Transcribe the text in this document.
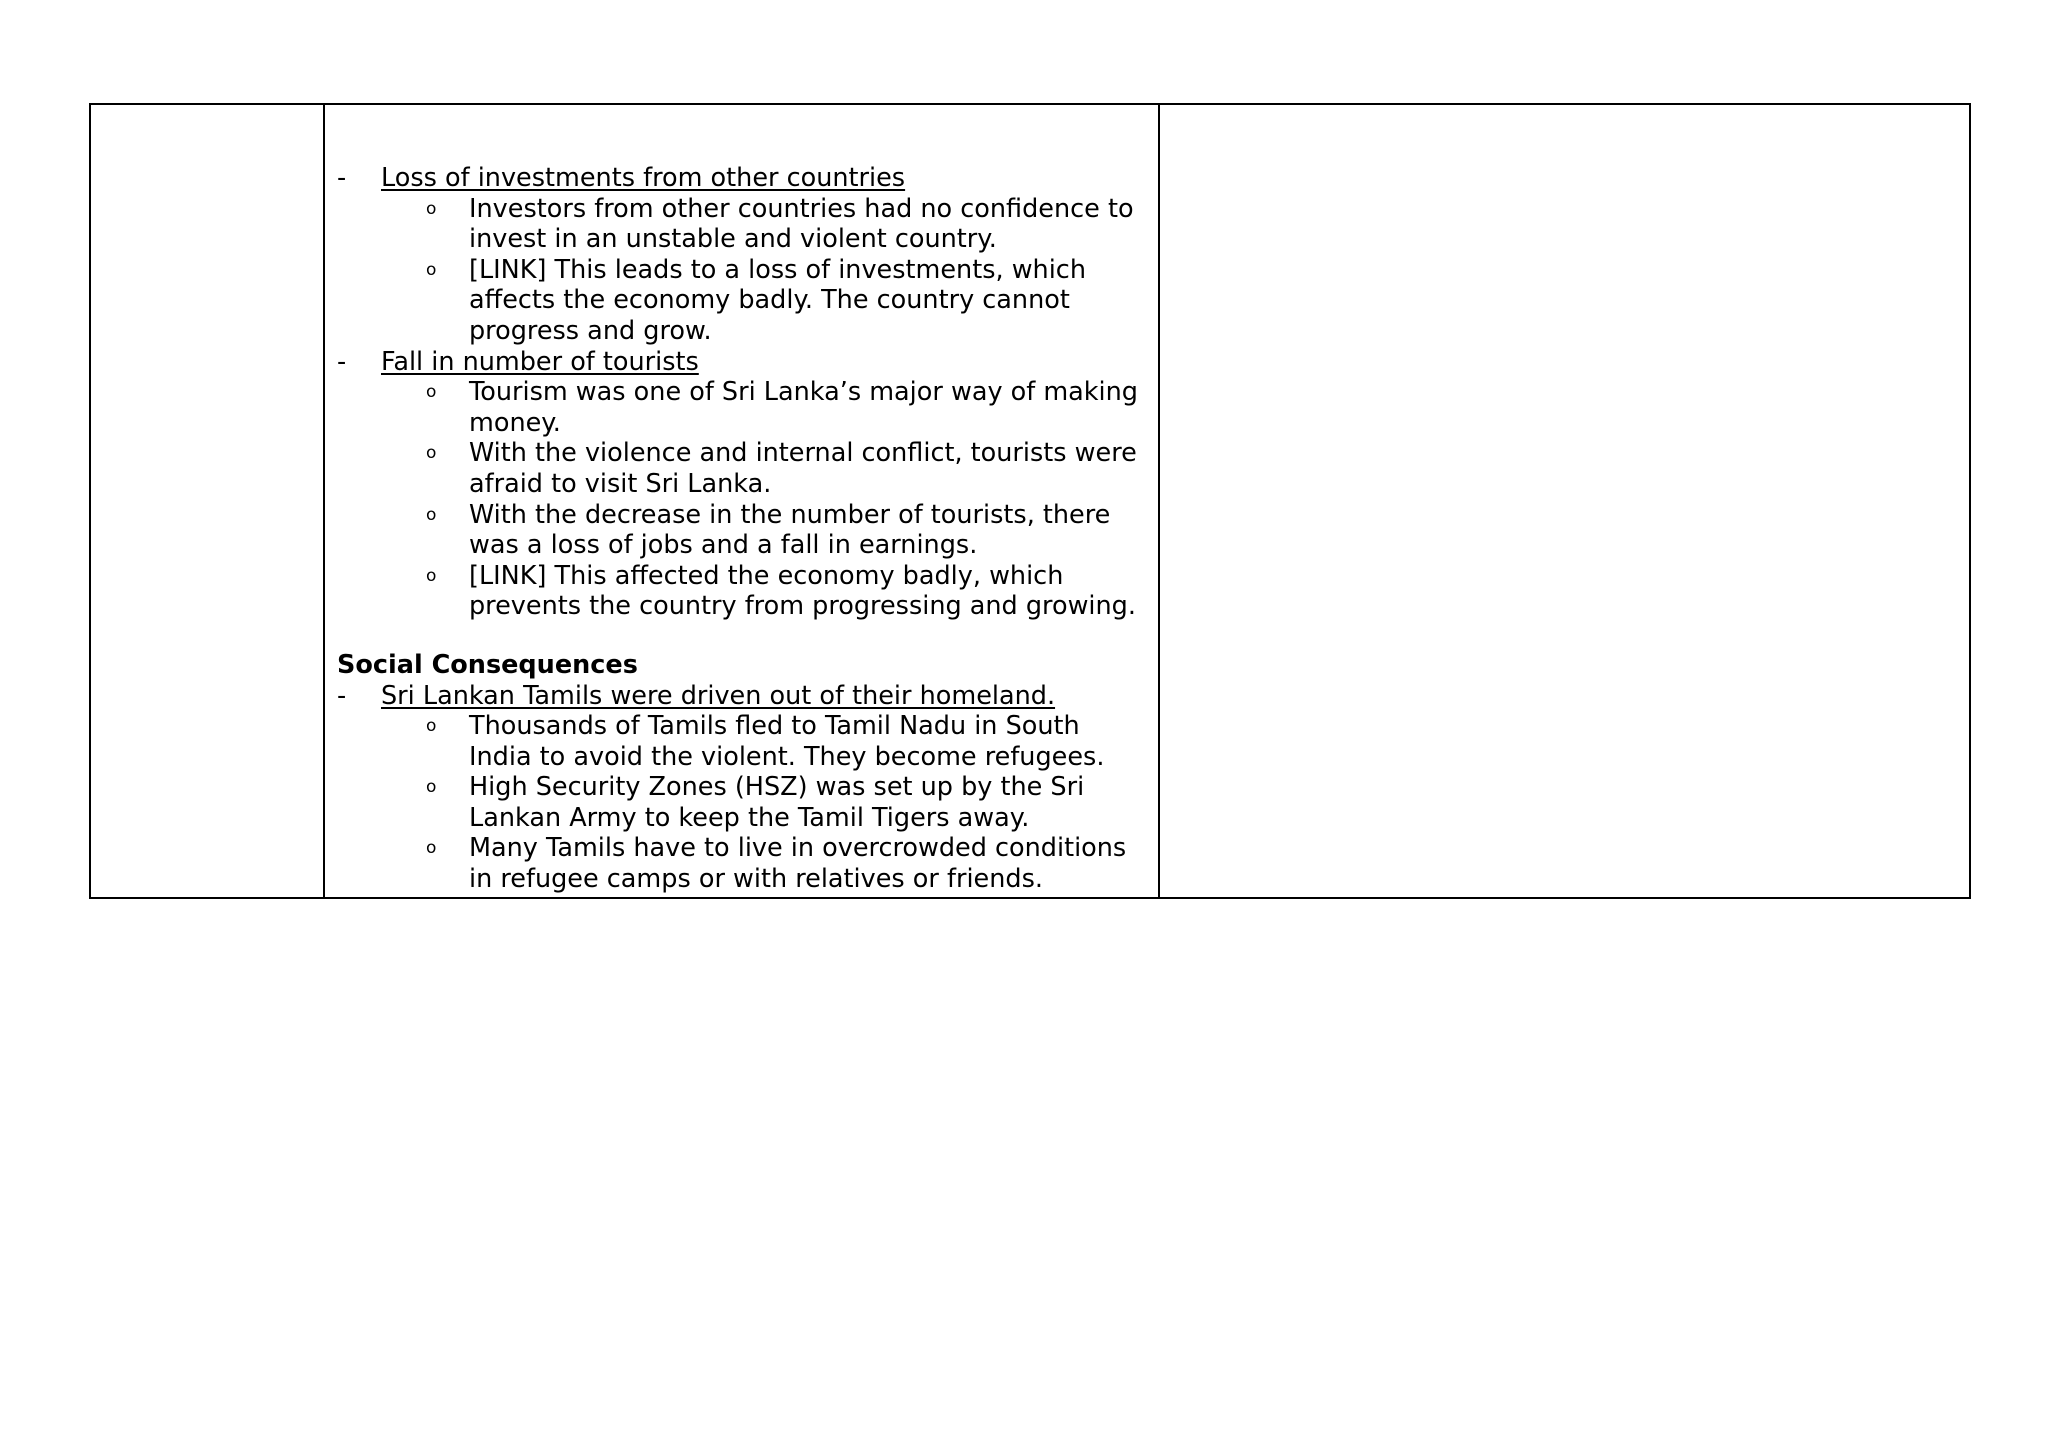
-	Loss of investments from other countries
o	Investors from other countries had no confidence to invest in an unstable and violent country.
o	[LINK] This leads to a loss of investments, which affects the economy badly. The country cannot progress and grow.
-	Fall in number of tourists
o	Tourism was one of Sri Lanka’s major way of making money.
o	With the violence and internal conflict, tourists were afraid to visit Sri Lanka.
o	With the decrease in the number of tourists, there was a loss of jobs and a fall in earnings.
o	[LINK] This affected the economy badly, which prevents the country from progressing and growing.
Social Consequences
-	Sri Lankan Tamils were driven out of their homeland.
o	Thousands of Tamils fled to Tamil Nadu in South India to avoid the violent. They become refugees.
o	High Security Zones (HSZ) was set up by the Sri Lankan Army to keep the Tamil Tigers away.
o	Many Tamils have to live in overcrowded conditions in refugee camps or with relatives or friends.
